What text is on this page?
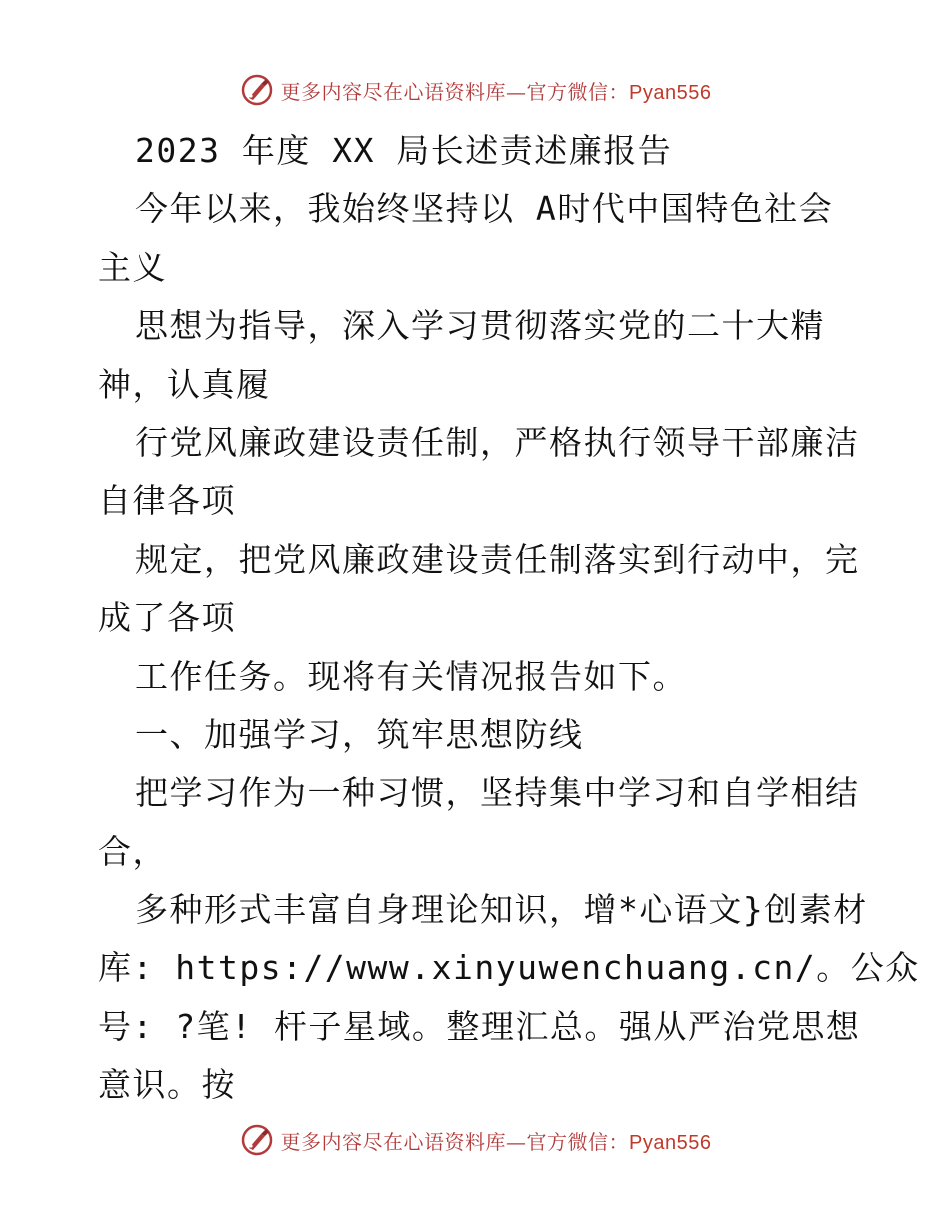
更多内容尽在心语资料库—官方微信：Pyan556
2023 年度 XX 局长述责述廉报告
今年以来，我始终坚持以 A时代中国特色社会
主义
思想为指导，深入学习贯彻落实党的二十大精
神，认真履
行党风廉政建设责任制，严格执行领导干部廉洁
自律各项
规定，把党风廉政建设责任制落实到行动中，完
成了各项
工作任务。现将有关情况报告如下。
一、加强学习，筑牢思想防线
把学习作为一种习惯，坚持集中学习和自学相结
合，
多种形式丰富自身理论知识，增*心语文}创素材
库: https://www.xinyuwenchuang.cn/。公众
号: ?笔! 杆子星域。整理汇总。强从严治党思想
意识。按
更多内容尽在心语资料库—官方微信：Pyan556
